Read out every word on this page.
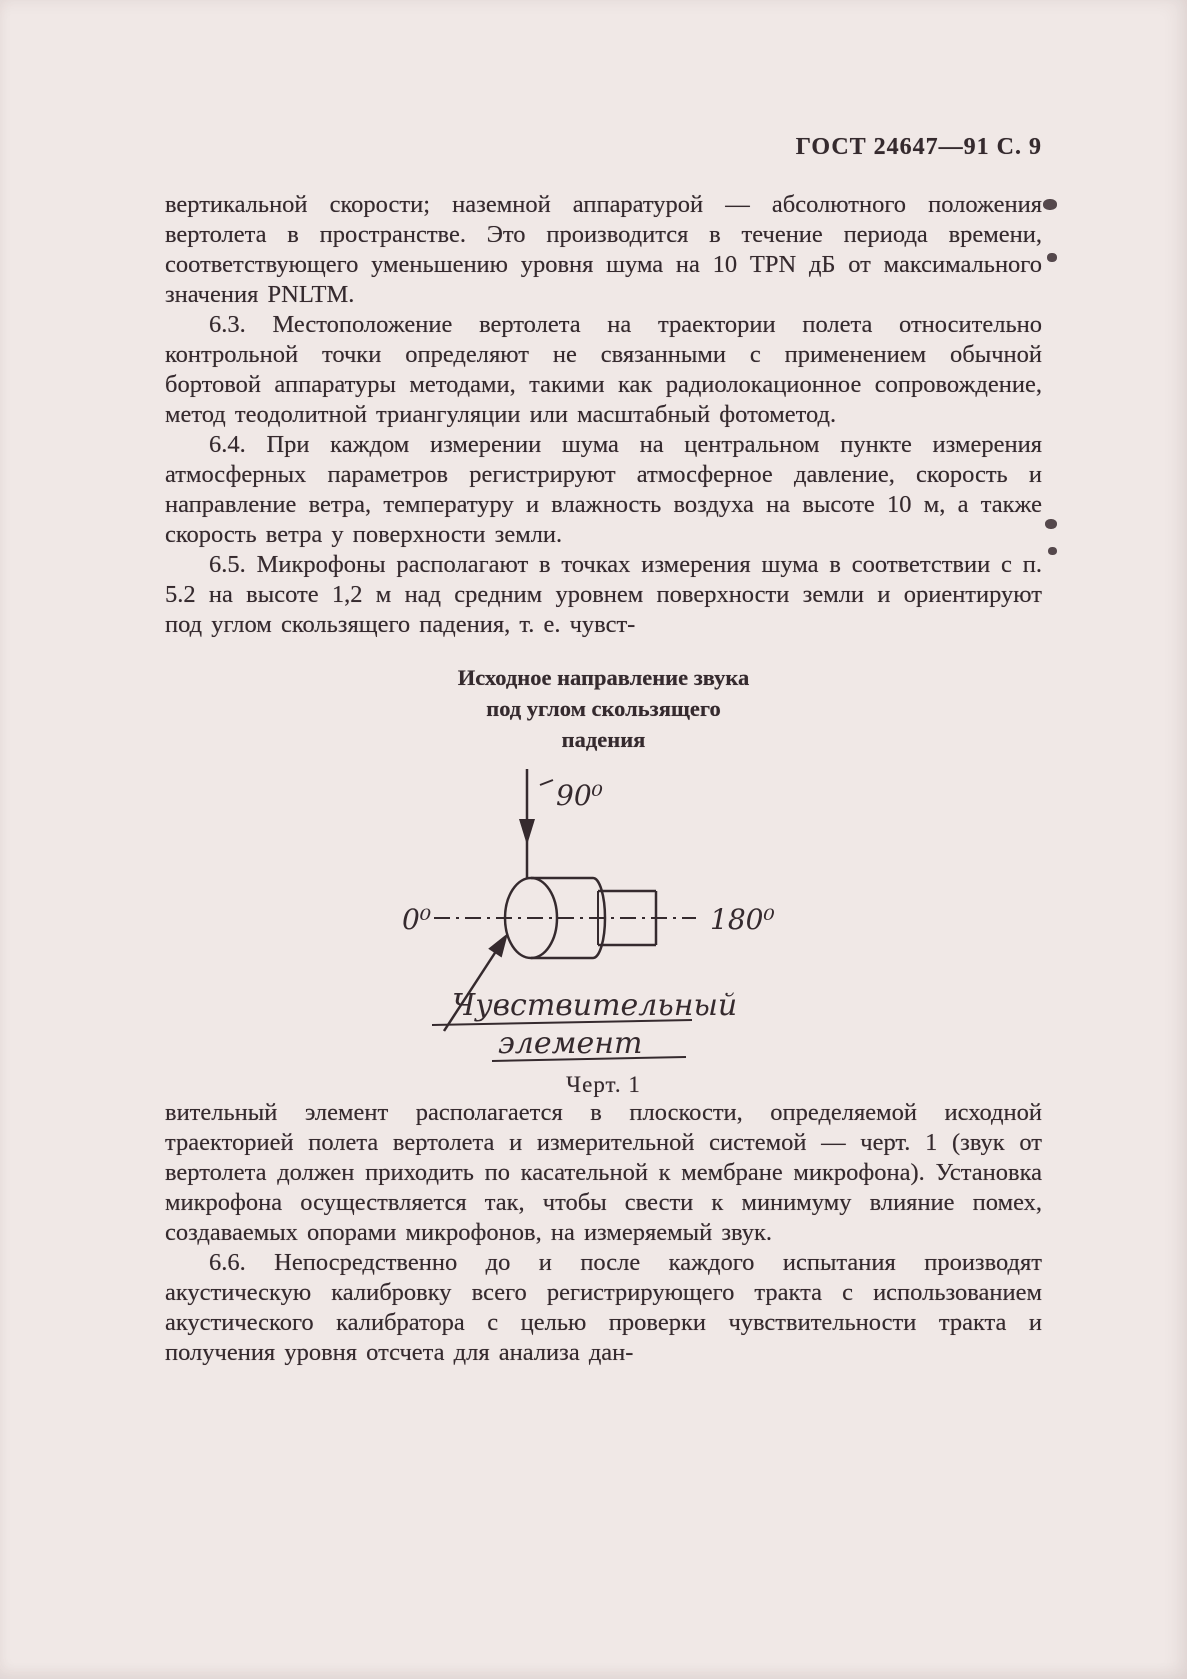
ГОСТ 24647—91 С. 9

вертикальной скорости; наземной аппаратурой — абсолютного положения вертолета в пространстве. Это производится в течение периода времени, соответствующего уменьшению уровня шума на 10 TPN дБ от максимального значения PNLTM.

6.3. Местоположение вертолета на траектории полета относительно контрольной точки определяют не связанными с применением обычной бортовой аппаратуры методами, такими как радиолокационное сопровождение, метод теодолитной триангуляции или масштабный фотометод.

6.4. При каждом измерении шума на центральном пункте измерения атмосферных параметров регистрируют атмосферное давление, скорость и направление ветра, температуру и влажность воздуха на высоте 10 м, а также скорость ветра у поверхности земли.

6.5. Микрофоны располагают в точках измерения шума в соответствии с п. 5.2 на высоте 1,2 м над средним уровнем поверхности земли и ориентируют под углом скользящего падения, т. е. чувст-

Исходное направление звука
под углом скользящего
падения
90⁰
0⁰	180⁰
Чувствительный
элемент
Черт. 1

вительный элемент располагается в плоскости, определяемой исходной траекторией полета вертолета и измерительной системой — черт. 1 (звук от вертолета должен приходить по касательной к мембране микрофона). Установка микрофона осуществляется так, чтобы свести к минимуму влияние помех, создаваемых опорами микрофонов, на измеряемый звук.

6.6. Непосредственно до и после каждого испытания производят акустическую калибровку всего регистрирующего тракта с использованием акустического калибратора с целью проверки чувствительности тракта и получения уровня отсчета для анализа дан-
